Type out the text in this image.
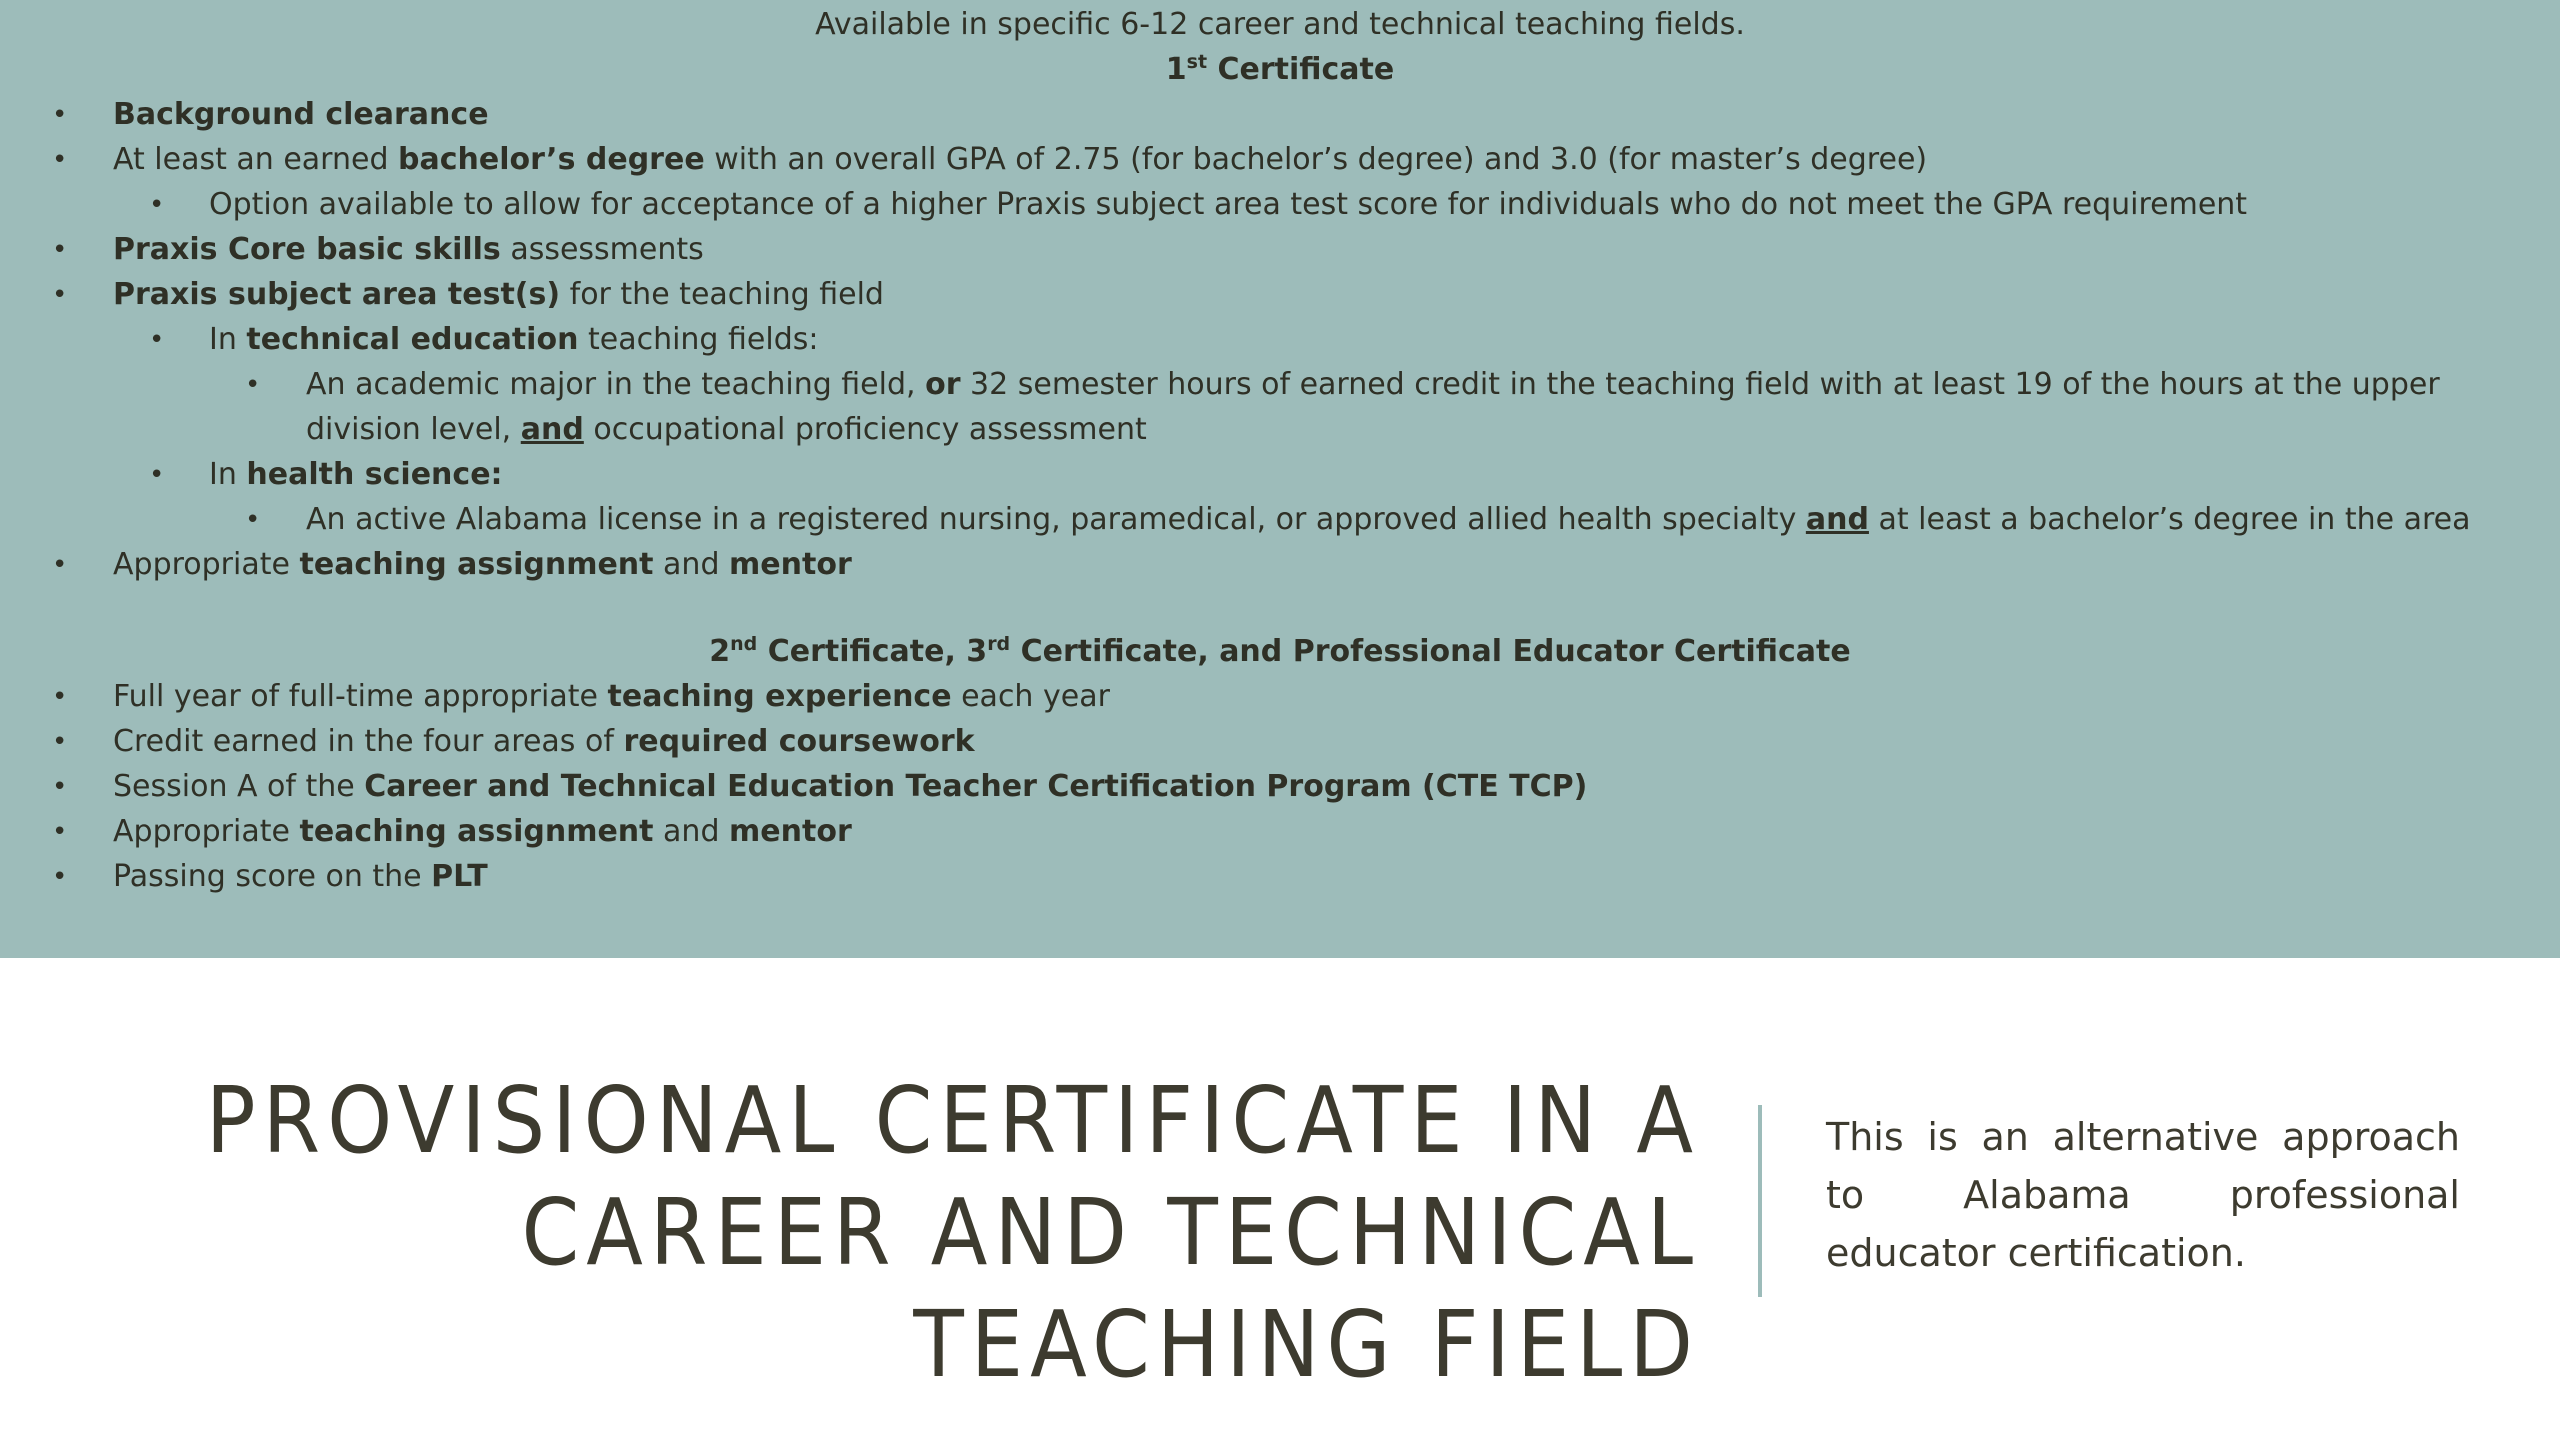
Available in specific 6-12 career and technical teaching fields.
1st Certificate
• Background clearance
• At least an earned bachelor’s degree with an overall GPA of 2.75 (for bachelor’s degree) and 3.0 (for master’s degree)
• Option available to allow for acceptance of a higher Praxis subject area test score for individuals who do not meet the GPA requirement
• Praxis Core basic skills assessments
• Praxis subject area test(s) for the teaching field
• In technical education teaching fields:
• An academic major in the teaching field, or 32 semester hours of earned credit in the teaching field with at least 19 of the hours at the upper
division level, and occupational proficiency assessment
• In health science:
• An active Alabama license in a registered nursing, paramedical, or approved allied health specialty and at least a bachelor’s degree in the area
• Appropriate teaching assignment and mentor
2nd Certificate, 3rd Certificate, and Professional Educator Certificate
• Full year of full-time appropriate teaching experience each year
• Credit earned in the four areas of required coursework
• Session A of the Career and Technical Education Teacher Certification Program (CTE TCP)
• Appropriate teaching assignment and mentor
• Passing score on the PLT
PROVISIONAL CERTIFICATE IN A CAREER AND TECHNICAL TEACHING FIELD
This is an alternative approach to Alabama professional educator certification.
